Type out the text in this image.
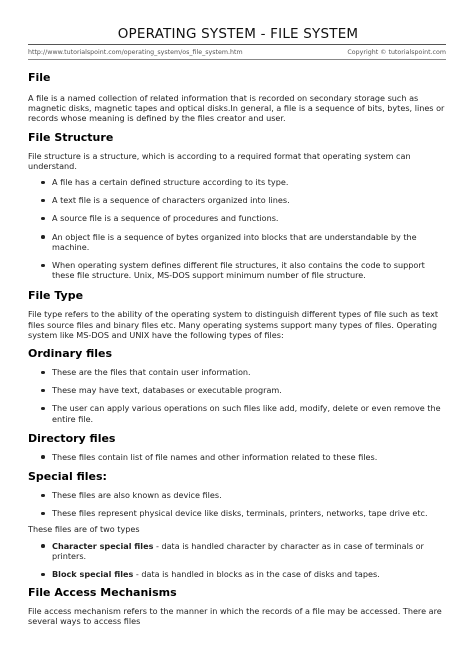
OPERATING SYSTEM - FILE SYSTEM
http://www.tutorialspoint.com/operating_system/os_file_system.htm	Copyright © tutorialspoint.com
File

A file is a named collection of related information that is recorded on secondary storage such as magnetic disks, magnetic tapes and optical disks.In general, a file is a sequence of bits, bytes, lines or records whose meaning is defined by the files creator and user.

File Structure

File structure is a structure, which is according to a required format that operating system can understand.

A file has a certain defined structure according to its type.
A text file is a sequence of characters organized into lines.
A source file is a sequence of procedures and functions.
An object file is a sequence of bytes organized into blocks that are understandable by the machine.
When operating system defines different file structures, it also contains the code to support these file structure. Unix, MS-DOS support minimum number of file structure.
File Type

File type refers to the ability of the operating system to distinguish different types of file such as text files source files and binary files etc. Many operating systems support many types of files. Operating system like MS-DOS and UNIX have the following types of files:

Ordinary files
These are the files that contain user information.
These may have text, databases or executable program.
The user can apply various operations on such files like add, modify, delete or even remove the entire file.
Directory files
These files contain list of file names and other information related to these files.
Special files:
These files are also known as device files.
These files represent physical device like disks, terminals, printers, networks, tape drive etc.

These files are of two types

Character special files - data is handled character by character as in case of terminals or printers.
Block special files - data is handled in blocks as in the case of disks and tapes.
File Access Mechanisms

File access mechanism refers to the manner in which the records of a file may be accessed. There are several ways to access files
